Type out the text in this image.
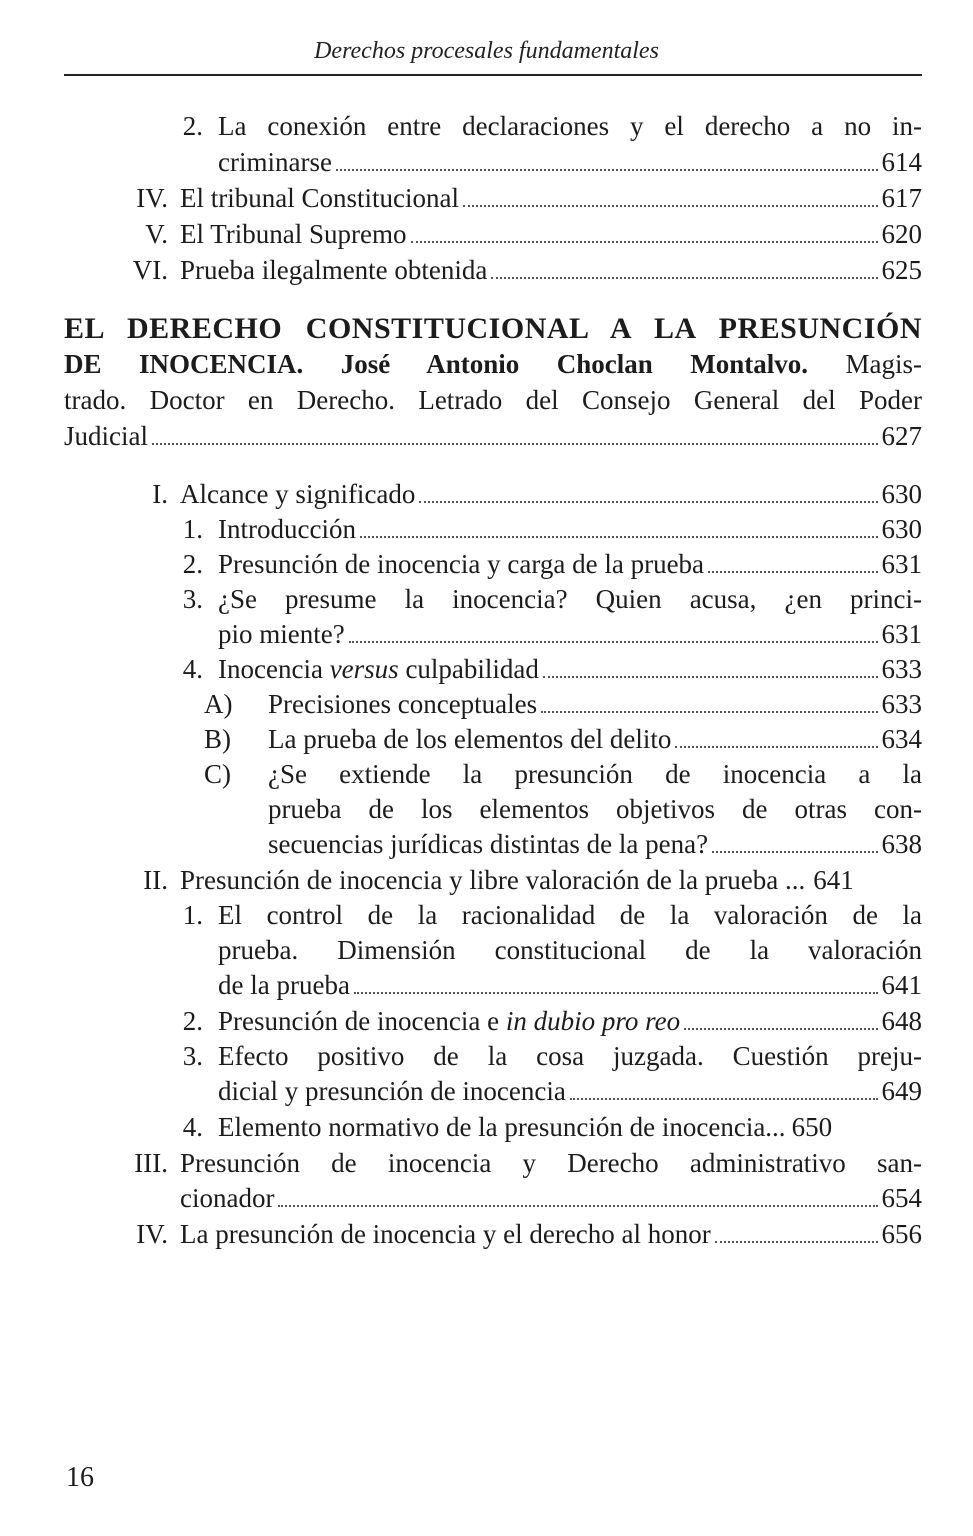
Derechos procesales fundamentales
2. La conexión entre declaraciones y el derecho a no in-
criminarse	614
IV. El tribunal Constitucional	617
V. El Tribunal Supremo	620
VI. Prueba ilegalmente obtenida	625
EL DERECHO CONSTITUCIONAL A LA PRESUNCIÓN
DE INOCENCIA. José Antonio Choclan Montalvo. Magis-
trado. Doctor en Derecho. Letrado del Consejo General del Poder
Judicial	627
I. Alcance y significado	630
1. Introducción	630
2. Presunción de inocencia y carga de la prueba	631
3. ¿Se presume la inocencia? Quien acusa, ¿en princi-
pio miente?	631
4. Inocencia versus culpabilidad	633
A)	Precisiones conceptuales	633
B)	La prueba de los elementos del delito	634
C)	¿Se extiende la presunción de inocencia a la
prueba de los elementos objetivos de otras con-
secuencias jurídicas distintas de la pena?	638
II. Presunción de inocencia y libre valoración de la prueba ... 641
1. El control de la racionalidad de la valoración de la
prueba. Dimensión constitucional de la valoración
de la prueba	641
2. Presunción de inocencia e in dubio pro reo	648
3. Efecto positivo de la cosa juzgada. Cuestión preju-
dicial y presunción de inocencia	649
4. Elemento normativo de la presunción de inocencia... 650
III. Presunción de inocencia y Derecho administrativo san-
cionador	654
IV. La presunción de inocencia y el derecho al honor	656
16
